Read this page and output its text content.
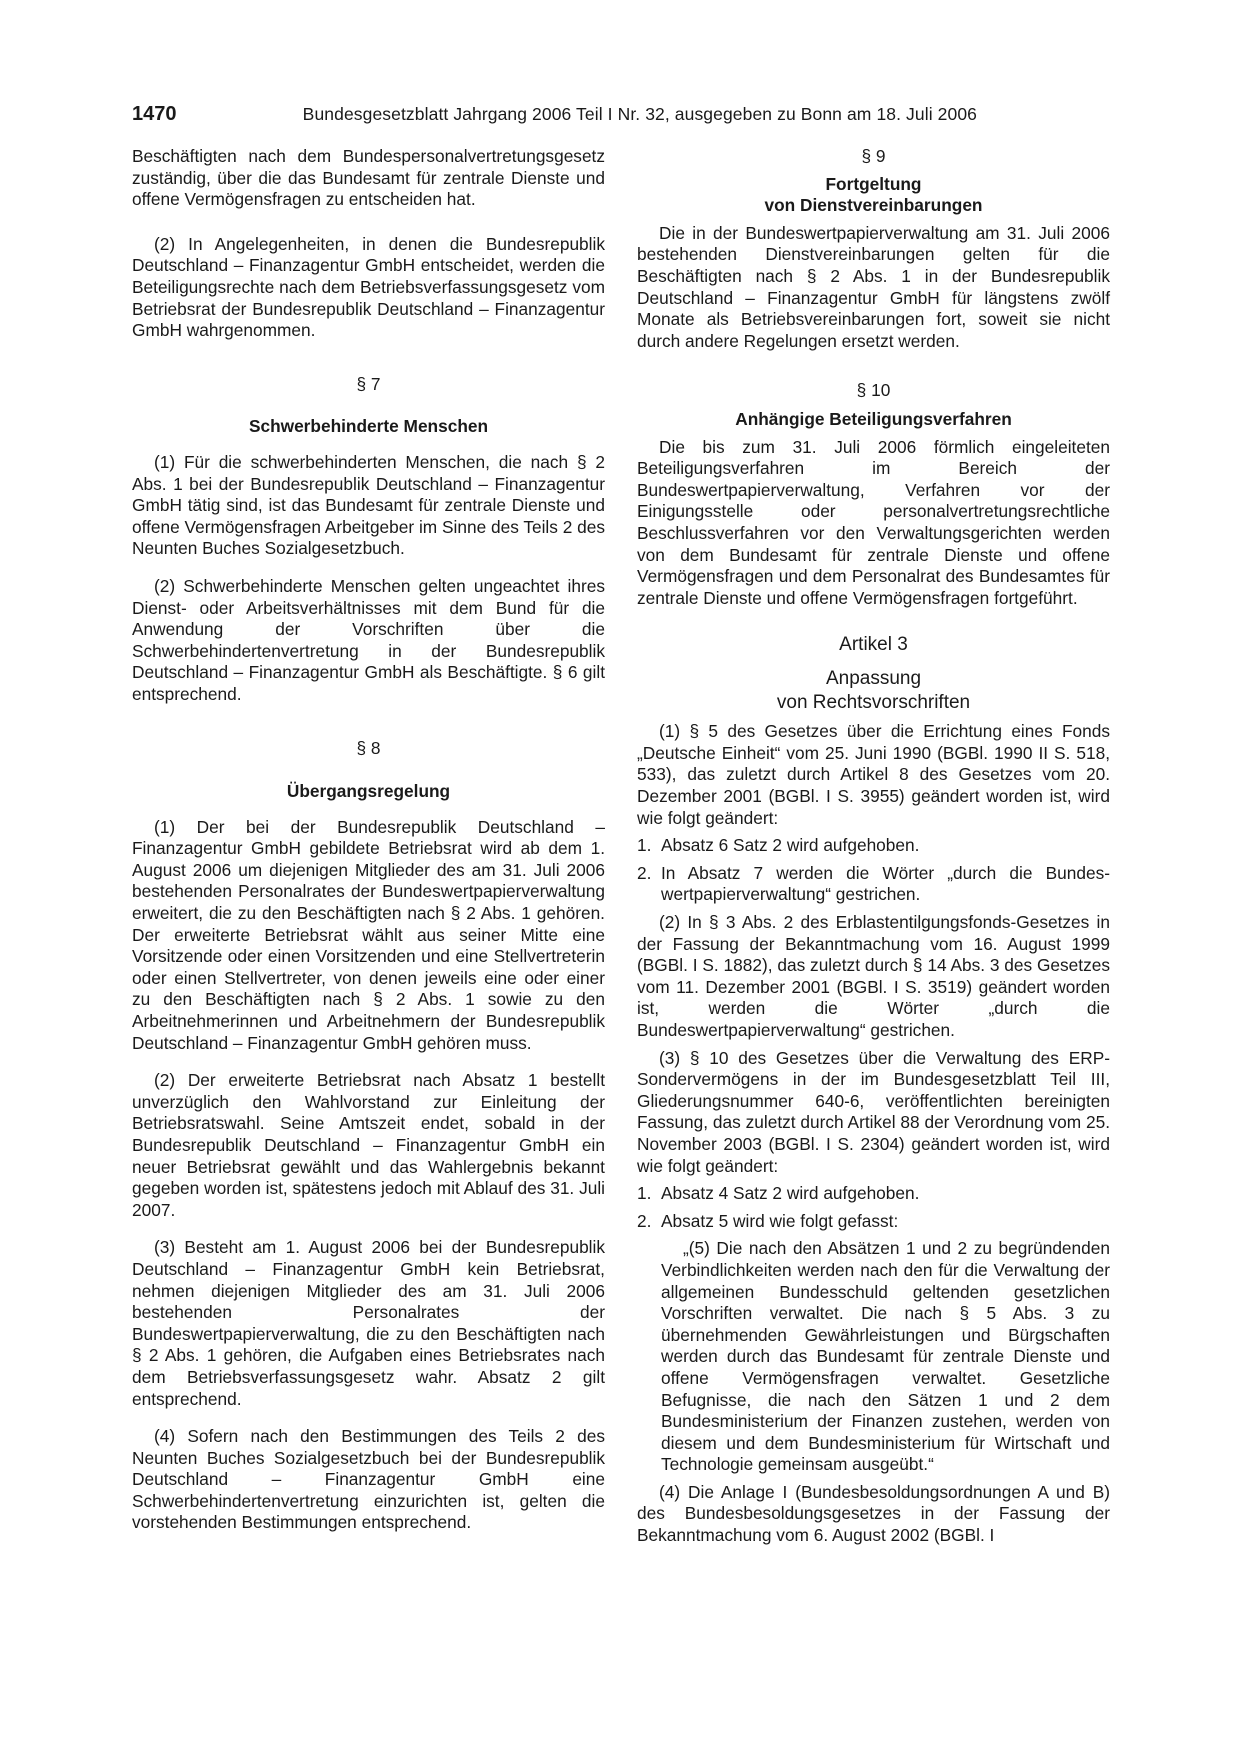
1470	Bundesgesetzblatt Jahrgang 2006 Teil I Nr. 32, ausgegeben zu Bonn am 18. Juli 2006

Beschäftigten nach dem Bundespersonalvertretungsgesetz zuständig, über die das Bundesamt für zentrale Dienste und offene Vermögensfragen zu entscheiden hat.

(2) In Angelegenheiten, in denen die Bundesrepublik Deutschland – Finanzagentur GmbH entscheidet, werden die Beteiligungsrechte nach dem Betriebsverfassungsgesetz vom Betriebsrat der Bundesrepublik Deutschland – Finanzagentur GmbH wahrgenommen.

§ 7

Schwerbehinderte Menschen

(1) Für die schwerbehinderten Menschen, die nach § 2 Abs. 1 bei der Bundesrepublik Deutschland – Finanzagentur GmbH tätig sind, ist das Bundesamt für zentrale Dienste und offene Vermögensfragen Arbeitgeber im Sinne des Teils 2 des Neunten Buches Sozialgesetzbuch.

(2) Schwerbehinderte Menschen gelten ungeachtet ihres Dienst- oder Arbeitsverhältnisses mit dem Bund für die Anwendung der Vorschriften über die Schwerbehindertenvertretung in der Bundesrepublik Deutschland – Finanzagentur GmbH als Beschäftigte. § 6 gilt entsprechend.

§ 8

Übergangsregelung

(1) Der bei der Bundesrepublik Deutschland – Finanzagentur GmbH gebildete Betriebsrat wird ab dem 1. August 2006 um diejenigen Mitglieder des am 31. Juli 2006 bestehenden Personalrates der Bundeswertpapierverwaltung erweitert, die zu den Beschäftigten nach § 2 Abs. 1 gehören. Der erweiterte Betriebsrat wählt aus seiner Mitte eine Vorsitzende oder einen Vorsitzenden und eine Stellvertreterin oder einen Stellvertreter, von denen jeweils eine oder einer zu den Beschäftigten nach § 2 Abs. 1 sowie zu den Arbeitnehmerinnen und Arbeitnehmern der Bundesrepublik Deutschland – Finanzagentur GmbH gehören muss.

(2) Der erweiterte Betriebsrat nach Absatz 1 bestellt unverzüglich den Wahlvorstand zur Einleitung der Betriebsratswahl. Seine Amtszeit endet, sobald in der Bundesrepublik Deutschland – Finanzagentur GmbH ein neuer Betriebsrat gewählt und das Wahlergebnis bekannt gegeben worden ist, spätestens jedoch mit Ablauf des 31. Juli 2007.

(3) Besteht am 1. August 2006 bei der Bundesrepublik Deutschland – Finanzagentur GmbH kein Betriebsrat, nehmen diejenigen Mitglieder des am 31. Juli 2006 bestehenden Personalrates der Bundeswertpapierverwaltung, die zu den Beschäftigten nach § 2 Abs. 1 gehören, die Aufgaben eines Betriebsrates nach dem Betriebsverfassungsgesetz wahr. Absatz 2 gilt entsprechend.

(4) Sofern nach den Bestimmungen des Teils 2 des Neunten Buches Sozialgesetzbuch bei der Bundesrepublik Deutschland – Finanzagentur GmbH eine Schwerbehindertenvertretung einzurichten ist, gelten die vorstehenden Bestimmungen entsprechend.

§ 9

Fortgeltung

von Dienstvereinbarungen

Die in der Bundeswertpapierverwaltung am 31. Juli 2006 bestehenden Dienstvereinbarungen gelten für die Beschäftigten nach § 2 Abs. 1 in der Bundesrepublik Deutschland – Finanzagentur GmbH für längstens zwölf Monate als Betriebsvereinbarungen fort, soweit sie nicht durch andere Regelungen ersetzt werden.

§ 10

Anhängige Beteiligungsverfahren

Die bis zum 31. Juli 2006 förmlich eingeleiteten Beteiligungsverfahren im Bereich der Bundeswertpapierverwaltung, Verfahren vor der Einigungsstelle oder personalvertretungsrechtliche Beschlussverfahren vor den Verwaltungsgerichten werden von dem Bundesamt für zentrale Dienste und offene Vermögensfragen und dem Personalrat des Bundesamtes für zentrale Dienste und offene Vermögensfragen fortgeführt.

Artikel 3

Anpassung

von Rechtsvorschriften

(1) § 5 des Gesetzes über die Errichtung eines Fonds „Deutsche Einheit“ vom 25. Juni 1990 (BGBl. 1990 II S. 518, 533), das zuletzt durch Artikel 8 des Gesetzes vom 20. Dezember 2001 (BGBl. I S. 3955) geändert worden ist, wird wie folgt geändert:

1. Absatz 6 Satz 2 wird aufgehoben.
2. In Absatz 7 werden die Wörter „durch die Bundeswertpapierverwaltung“ gestrichen.

(2) In § 3 Abs. 2 des Erblastentilgungsfonds-Gesetzes in der Fassung der Bekanntmachung vom 16. August 1999 (BGBl. I S. 1882), das zuletzt durch § 14 Abs. 3 des Gesetzes vom 11. Dezember 2001 (BGBl. I S. 3519) geändert worden ist, werden die Wörter „durch die Bundeswertpapierverwaltung“ gestrichen.

(3) § 10 des Gesetzes über die Verwaltung des ERP-Sondervermögens in der im Bundesgesetzblatt Teil III, Gliederungsnummer 640-6, veröffentlichten bereinigten Fassung, das zuletzt durch Artikel 88 der Verordnung vom 25. November 2003 (BGBl. I S. 2304) geändert worden ist, wird wie folgt geändert:

1. Absatz 4 Satz 2 wird aufgehoben.
2. Absatz 5 wird wie folgt gefasst:

„(5) Die nach den Absätzen 1 und 2 zu begründenden Verbindlichkeiten werden nach den für die Verwaltung der allgemeinen Bundesschuld geltenden gesetzlichen Vorschriften verwaltet. Die nach § 5 Abs. 3 zu übernehmenden Gewährleistungen und Bürgschaften werden durch das Bundesamt für zentrale Dienste und offene Vermögensfragen verwaltet. Gesetzliche Befugnisse, die nach den Sätzen 1 und 2 dem Bundesministerium der Finanzen zustehen, werden von diesem und dem Bundesministerium für Wirtschaft und Technologie gemeinsam ausgeübt.“

(4) Die Anlage I (Bundesbesoldungsordnungen A und B) des Bundesbesoldungsgesetzes in der Fassung der Bekanntmachung vom 6. August 2002 (BGBl. I
